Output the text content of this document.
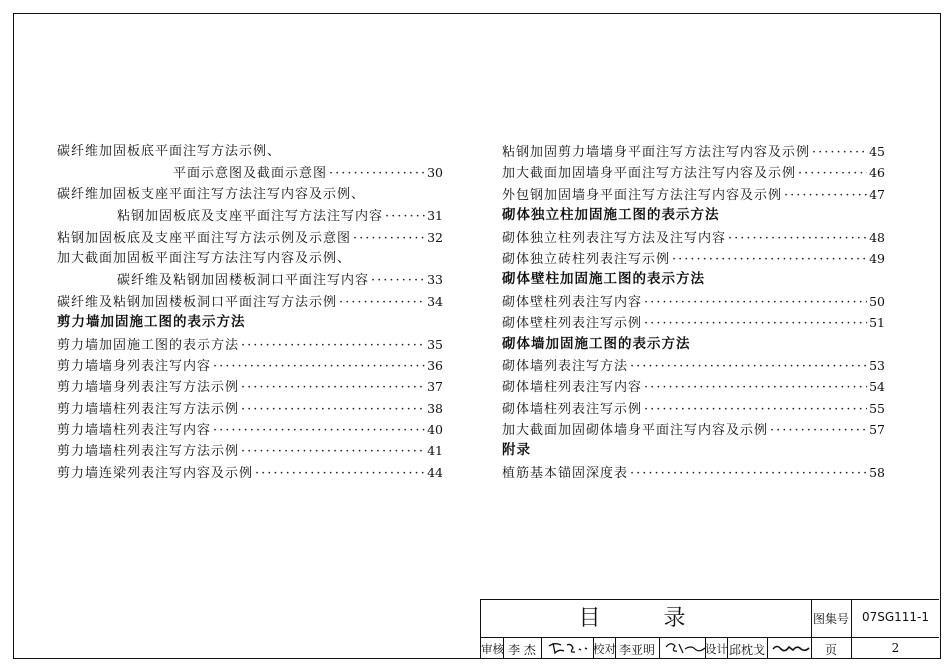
碳纤维加固板底平面注写方法示例、
平面示意图及截面示意图 ·····	30
碳纤维加固板支座平面注写方法注写内容及示例、
粘钢加固板底及支座平面注写方法注写内容 ·····	31
粘钢加固板底及支座平面注写方法示例及示意图 ·····	32
加大截面加固板平面注写方法注写内容及示例、
碳纤维及粘钢加固楼板洞口平面注写内容 ·····	33
碳纤维及粘钢加固楼板洞口平面注写方法示例 ·····	34
剪力墙加固施工图的表示方法
剪力墙加固施工图的表示方法 ·····	35
剪力墙墙身列表注写内容 ·····	36
剪力墙墙身列表注写方法示例 ·····	37
剪力墙墙柱列表注写方法示例 ·····	38
剪力墙墙柱列表注写内容 ·····	40
剪力墙墙柱列表注写方法示例 ·····	41
剪力墙连梁列表注写内容及示例 ·····	44
粘钢加固剪力墙墙身平面注写方法注写内容及示例 ·····	45
加大截面加固墙身平面注写方法注写内容及示例 ·····	46
外包钢加固墙身平面注写方法注写内容及示例 ·····	47
砌体独立柱加固施工图的表示方法
砌体独立柱列表注写方法及注写内容 ·····	48
砌体独立砖柱列表注写示例 ·····	49
砌体壁柱加固施工图的表示方法
砌体壁柱列表注写内容 ·····	50
砌体壁柱列表注写示例 ·····	51
砌体墙加固施工图的表示方法
砌体墙列表注写方法 ·····	53
砌体墙柱列表注写内容 ·····	54
砌体墙柱列表注写示例 ·····	55
加大截面加固砌体墙身平面注写内容及示例 ·····	57
附录
植筋基本锚固深度表 ·····	58
目 录	图集号	07SG111-1
审核 李 杰	校对 李亚明	设计 邱枕戈	页	2
